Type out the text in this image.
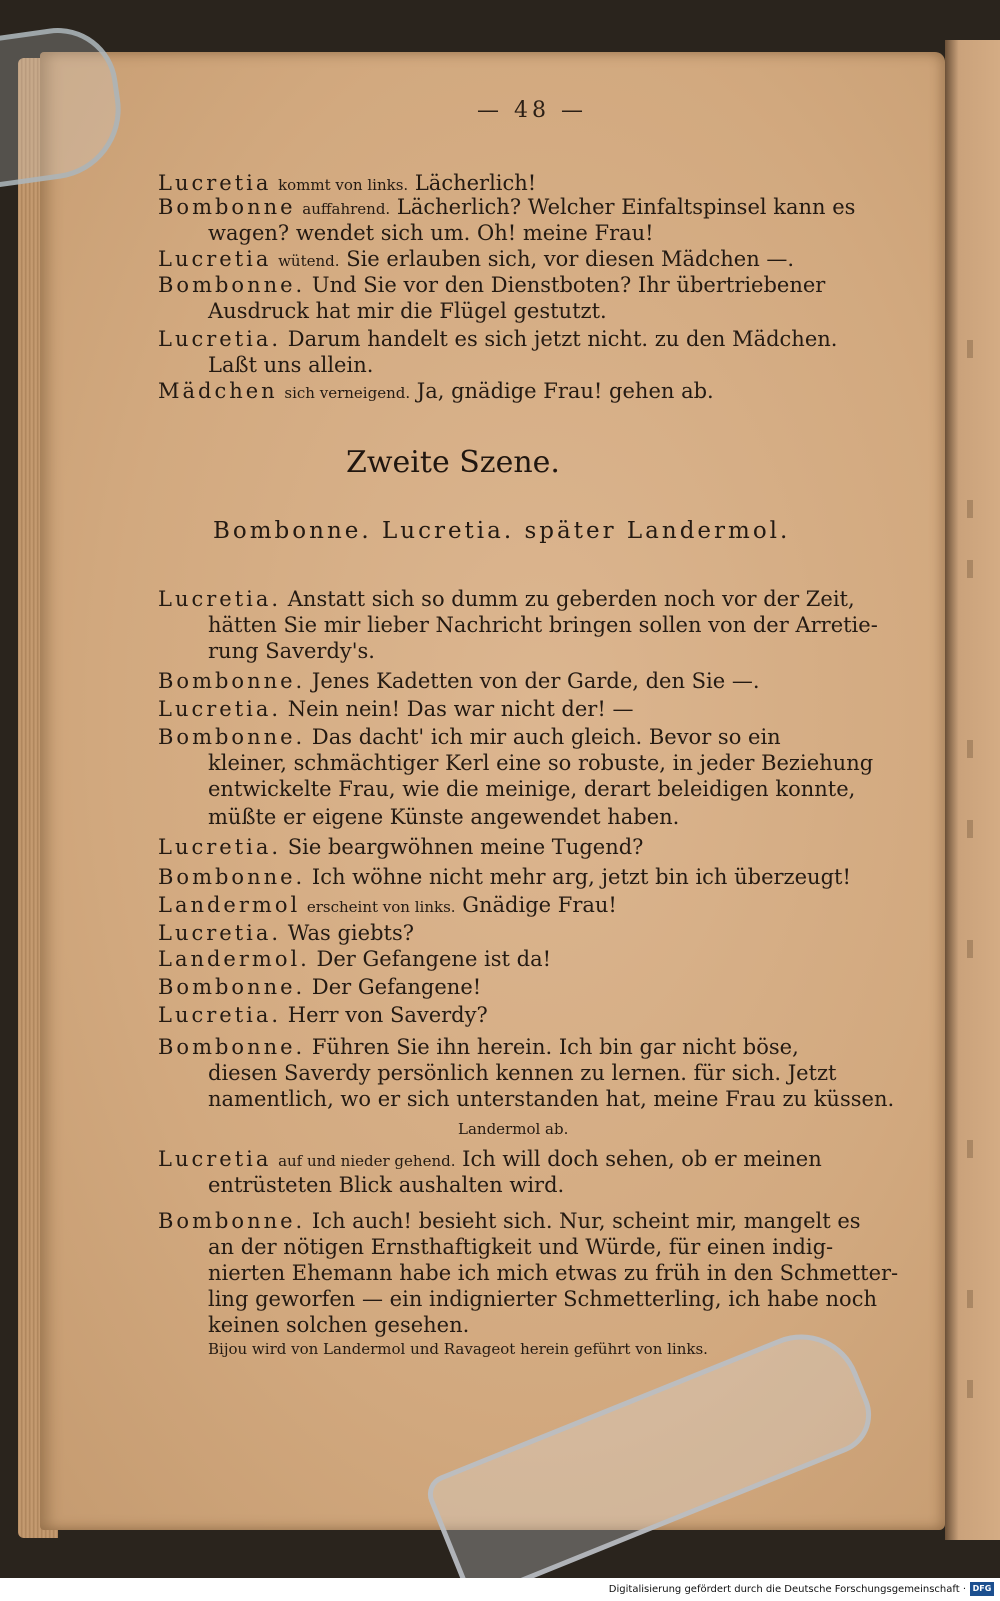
— 48 —
Lucretia kommt von links. Lächerlich!
Bombonne auffahrend. Lächerlich? Welcher Einfaltspinsel kann es
wagen? wendet sich um. Oh! meine Frau!
Lucretia wütend. Sie erlauben sich, vor diesen Mädchen —.
Bombonne. Und Sie vor den Dienstboten? Ihr übertriebener
Ausdruck hat mir die Flügel gestutzt.
Lucretia. Darum handelt es sich jetzt nicht. zu den Mädchen.
Laßt uns allein.
Mädchen sich verneigend. Ja, gnädige Frau! gehen ab.
Zweite Szene.
Bombonne. Lucretia. später Landermol.
Lucretia. Anstatt sich so dumm zu geberden noch vor der Zeit,
hätten Sie mir lieber Nachricht bringen sollen von der Arretie-
rung Saverdy's.
Bombonne. Jenes Kadetten von der Garde, den Sie —.
Lucretia. Nein nein! Das war nicht der! —
Bombonne. Das dacht' ich mir auch gleich. Bevor so ein
kleiner, schmächtiger Kerl eine so robuste, in jeder Beziehung
entwickelte Frau, wie die meinige, derart beleidigen konnte,
müßte er eigene Künste angewendet haben.
Lucretia. Sie beargwöhnen meine Tugend?
Bombonne. Ich wöhne nicht mehr arg, jetzt bin ich überzeugt!
Landermol erscheint von links. Gnädige Frau!
Lucretia. Was giebts?
Landermol. Der Gefangene ist da!
Bombonne. Der Gefangene!
Lucretia. Herr von Saverdy?
Bombonne. Führen Sie ihn herein. Ich bin gar nicht böse,
diesen Saverdy persönlich kennen zu lernen. für sich. Jetzt
namentlich, wo er sich unterstanden hat, meine Frau zu küssen.
Landermol ab.
Lucretia auf und nieder gehend. Ich will doch sehen, ob er meinen
entrüsteten Blick aushalten wird.
Bombonne. Ich auch! besieht sich. Nur, scheint mir, mangelt es
an der nötigen Ernsthaftigkeit und Würde, für einen indig-
nierten Ehemann habe ich mich etwas zu früh in den Schmetter-
ling geworfen — ein indignierter Schmetterling, ich habe noch
keinen solchen gesehen.
Bijou wird von Landermol und Ravageot herein geführt von links.
Digitalisierung gefördert durch die Deutsche Forschungsgemeinschaft · DFG
